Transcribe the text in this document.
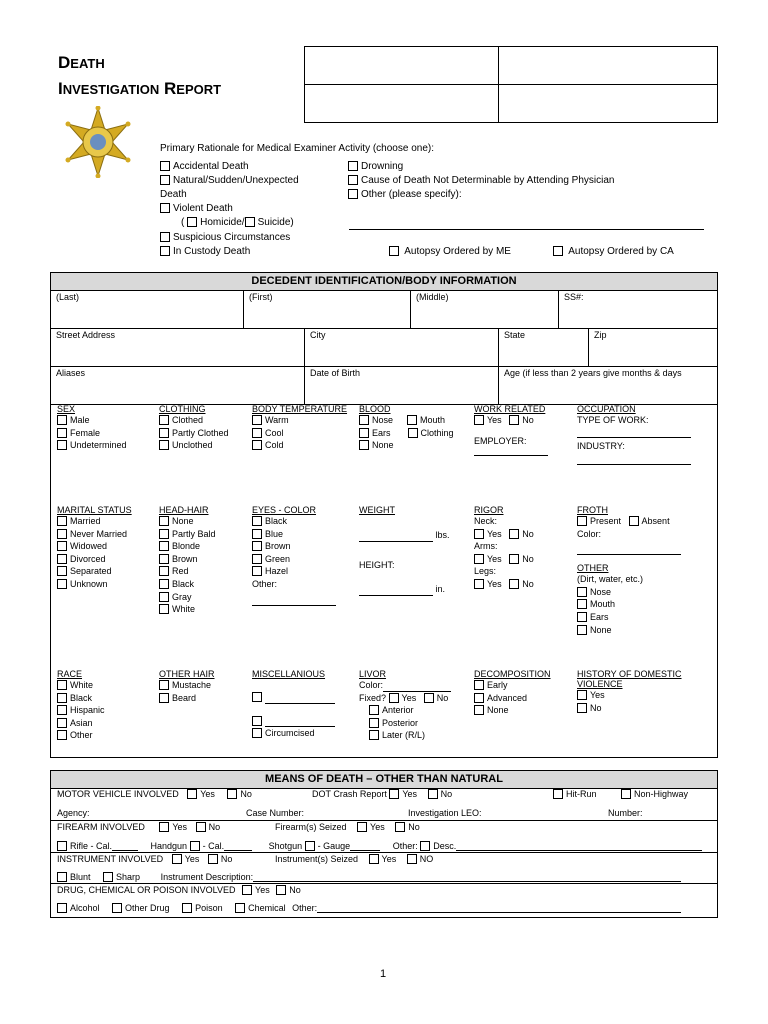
DEATH
INVESTIGATION REPORT
Primary Rationale for Medical Examiner Activity (choose one):
Accidental Death
Natural/Sudden/Unexpected
Death
Violent Death
( Homicide/ Suicide)
Suspicious Circumstances
In Custody Death
Drowning
Cause of Death Not Determinable by Attending Physician
Other (please specify):
Autopsy Ordered by ME	Autopsy Ordered by CA
DECEDENT IDENTIFICATION/BODY INFORMATION
(Last)	(First)	(Middle)	SS#:
Street Address	City	State	Zip
Aliases	Date of Birth	Age (if less than 2 years give months & days
SEX
Male
Female
Undetermined
CLOTHING
Clothed
Partly Clothed
Unclothed
BODY TEMPERATURE
Warm
Cool
Cold
BLOOD
Nose	Mouth
Ears	Clothing
None
WORK RELATED
Yes No
EMPLOYER:
OCCUPATION
TYPE OF WORK:
INDUSTRY:
MARITAL STATUS
Married
Never Married
Widowed
Divorced
Separated
Unknown
HEAD-HAIR
None
Partly Bald
Blonde
Brown
Red
Black
Gray
White
EYES - COLOR
Black
Blue
Brown
Green
Hazel
Other:
WEIGHT
lbs.
HEIGHT:
in.
RIGOR
Neck:
Yes No
Arms:
Yes No
Legs:
Yes No
FROTH
Present Absent
Color:
OTHER
(Dirt, water, etc.)
Nose
Mouth
Ears
None
RACE
White
Black
Hispanic
Asian
Other
OTHER HAIR
Mustache
Beard
MISCELLANIOUS
Circumcised
LIVOR
Color:
Fixed? Yes No
Anterior
Posterior
Later (R/L)
DECOMPOSITION
Early
Advanced
None
HISTORY OF DOMESTIC
VIOLENCE
Yes
No
MEANS OF DEATH – OTHER THAN NATURAL
MOTOR VEHICLE INVOLVED Yes	No	DOT Crash Report Yes	No	Hit-Run	Non-Highway
Agency:	Case Number:	Investigation LEO:	Number:
FIREARM INVOLVED	Yes No	Firearm(s) Seized	Yes	No
Rifle - Cal.	Handgun - Cal.	Shotgun - Gauge	Other: Desc.
INSTRUMENT INVOLVED Yes No	Instrument(s) Seized	Yes	NO
Blunt	Sharp Instrument Description:
DRUG, CHEMICAL OR POISON INVOLVED Yes No
Alcohol	Other Drug	Poison	Chemical Other:
1
